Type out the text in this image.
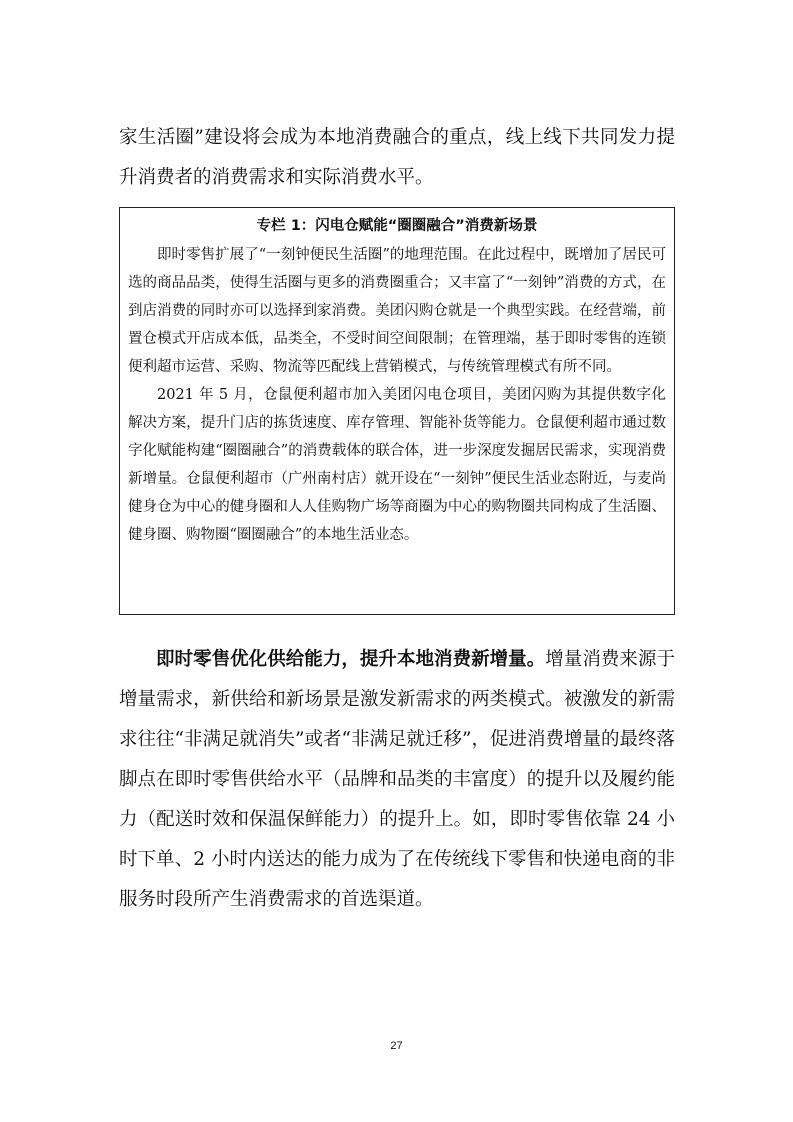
家生活圈”建设将会成为本地消费融合的重点，线上线下共同发力提升消费者的消费需求和实际消费水平。

专栏 1：闪电仓赋能“圈圈融合”消费新场景

即时零售扩展了“一刻钟便民生活圈”的地理范围。在此过程中，既增加了居民可选的商品品类，使得生活圈与更多的消费圈重合；又丰富了“一刻钟”消费的方式，在到店消费的同时亦可以选择到家消费。美团闪购仓就是一个典型实践。在经营端，前置仓模式开店成本低，品类全，不受时间空间限制；在管理端，基于即时零售的连锁便利超市运营、采购、物流等匹配线上营销模式，与传统管理模式有所不同。

2021 年 5 月，仓鼠便利超市加入美团闪电仓项目，美团闪购为其提供数字化解决方案，提升门店的拣货速度、库存管理、智能补货等能力。仓鼠便利超市通过数字化赋能构建“圈圈融合”的消费载体的联合体，进一步深度发掘居民需求，实现消费新增量。仓鼠便利超市（广州南村店）就开设在“一刻钟”便民生活业态附近，与麦尚健身仓为中心的健身圈和人人佳购物广场等商圈为中心的购物圈共同构成了生活圈、健身圈、购物圈“圈圈融合”的本地生活业态。

即时零售优化供给能力，提升本地消费新增量。增量消费来源于增量需求，新供给和新场景是激发新需求的两类模式。被激发的新需求往往“非满足就消失”或者“非满足就迁移”，促进消费增量的最终落脚点在即时零售供给水平（品牌和品类的丰富度）的提升以及履约能力（配送时效和保温保鲜能力）的提升上。如，即时零售依靠 24 小时下单、2 小时内送达的能力成为了在传统线下零售和快递电商的非服务时段所产生消费需求的首选渠道。

27
